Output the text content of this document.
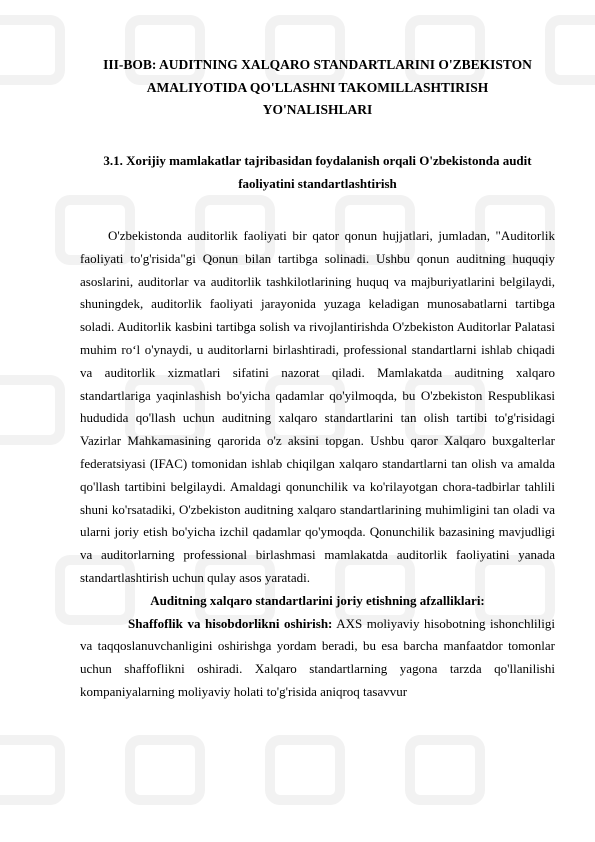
III-BOB: AUDITNING XALQARO STANDARTLARINI O'ZBEKISTON
AMALIYOTIDA QO'LLASHNI TAKOMILLASHTIRISH
YO'NALISHLARI
3.1. Xorijiy mamlakatlar tajribasidan foydalanish orqali O'zbekistonda audit
faoliyatini standartlashtirish

O'zbekistonda auditorlik faoliyati bir qator qonun hujjatlari, jumladan, "Auditorlik faoliyati to'g'risida"gi Qonun bilan tartibga solinadi. Ushbu qonun auditning huquqiy asoslarini, auditorlar va auditorlik tashkilotlarining huquq va majburiyatlarini belgilaydi, shuningdek, auditorlik faoliyati jarayonida yuzaga keladigan munosabatlarni tartibga soladi. Auditorlik kasbini tartibga solish va rivojlantirishda O'zbekiston Auditorlar Palatasi muhim ro‘l o'ynaydi, u auditorlarni birlashtiradi, professional standartlarni ishlab chiqadi va auditorlik xizmatlari sifatini nazorat qiladi. Mamlakatda auditning xalqaro standartlariga yaqinlashish bo'yicha qadamlar qo'yilmoqda, bu O'zbekiston Respublikasi hududida qo'llash uchun auditning xalqaro standartlarini tan olish tartibi to'g'risidagi Vazirlar Mahkamasining qarorida o'z aksini topgan. Ushbu qaror Xalqaro buxgalterlar federatsiyasi (IFAC) tomonidan ishlab chiqilgan xalqaro standartlarni tan olish va amalda qo'llash tartibini belgilaydi. Amaldagi qonunchilik va ko'rilayotgan chora-tadbirlar tahlili shuni ko'rsatadiki, O'zbekiston auditning xalqaro standartlarining muhimligini tan oladi va ularni joriy etish bo'yicha izchil qadamlar qo'ymoqda. Qonunchilik bazasining mavjudligi va auditorlarning professional birlashmasi mamlakatda auditorlik faoliyatini yanada standartlashtirish uchun qulay asos yaratadi.

Auditning xalqaro standartlarini joriy etishning afzalliklari:

Shaffoflik va hisobdorlikni oshirish: AXS moliyaviy hisobotning ishonchliligi va taqqoslanuvchanligini oshirishga yordam beradi, bu esa barcha manfaatdor tomonlar uchun shaffoflikni oshiradi. Xalqaro standartlarning yagona tarzda qo'llanilishi kompaniyalarning moliyaviy holati to'g'risida aniqroq tasavvur
